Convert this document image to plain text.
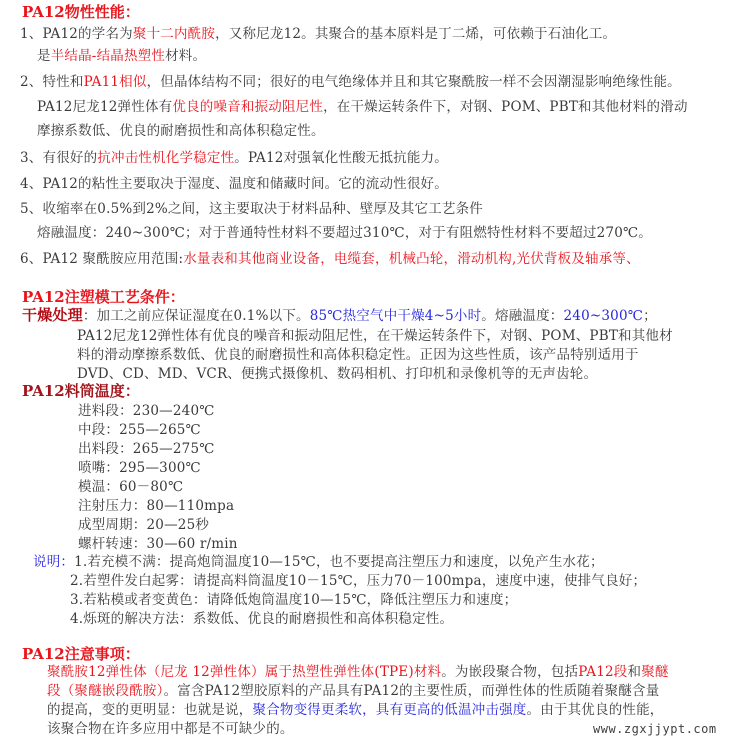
PA12物性性能：
1、PA12的学名为聚十二内酰胺，又称尼龙12。其聚合的基本原料是丁二烯，可依赖于石油化工。
是半结晶-结晶热塑性材料。
2、特性和PA11相似，但晶体结构不同；很好的电气绝缘体并且和其它聚酰胺一样不会因潮湿影响绝缘性能。
PA12尼龙12弹性体有优良的噪音和振动阻尼性，在干燥运转条件下，对钢、POM、PBT和其他材料的滑动
摩擦系数低、优良的耐磨损性和高体积稳定性。
3、有很好的抗冲击性机化学稳定性。PA12对强氧化性酸无抵抗能力。
4、PA12的粘性主要取决于湿度、温度和储藏时间。它的流动性很好。
5、收缩率在0.5%到2%之间，这主要取决于材料品种、壁厚及其它工艺条件
熔融温度：240~300℃；对于普通特性材料不要超过310℃，对于有阻燃特性材料不要超过270℃。
6、PA12 聚酰胺应用范围:水量表和其他商业设备，电缆套，机械凸轮，滑动机构,光伏背板及轴承等、
PA12注塑模工艺条件：
干燥处理：加工之前应保证湿度在0.1%以下。85℃热空气中干燥4~5小时。熔融温度：240~300℃；
PA12尼龙12弹性体有优良的噪音和振动阻尼性，在干燥运转条件下，对钢、POM、PBT和其他材
料的滑动摩擦系数低、优良的耐磨损性和高体积稳定性。正因为这些性质，该产品特别适用于
DVD、CD、MD、VCR、便携式摄像机、数码相机、打印机和录像机等的无声齿轮。
PA12料筒温度：
进料段：230—240℃
中段：255—265℃
出料段：265—275℃
喷嘴：295—300℃
模温：60－80℃
注射压力：80—110mpa
成型周期：20—25秒
螺杆转速：30—60 r/min
说明：1.若充模不满：提高炮筒温度10—15℃，也不要提高注塑压力和速度，以免产生水花；
2.若塑件发白起雾：请提高料筒温度10－15℃，压力70－100mpa，速度中速，使排气良好；
3.若粘模或者变黄色：请降低炮筒温度10—15℃，降低注塑压力和速度；
4.烁斑的解决方法：系数低、优良的耐磨损性和高体积稳定性。
PA12注意事项：
聚酰胺12弹性体（尼龙 12弹性体）属于热塑性弹性体(TPE)材料。为嵌段聚合物，包括PA12段和聚醚
段（聚醚嵌段酰胺）。富含PA12塑胶原料的产品具有PA12的主要性质，而弹性体的性质随着聚醚含量
的提高，变的更明显：也就是说，聚合物变得更柔软，具有更高的低温冲击强度。由于其优良的性能，
该聚合物在许多应用中都是不可缺少的。	www.zgxjjypt.com
